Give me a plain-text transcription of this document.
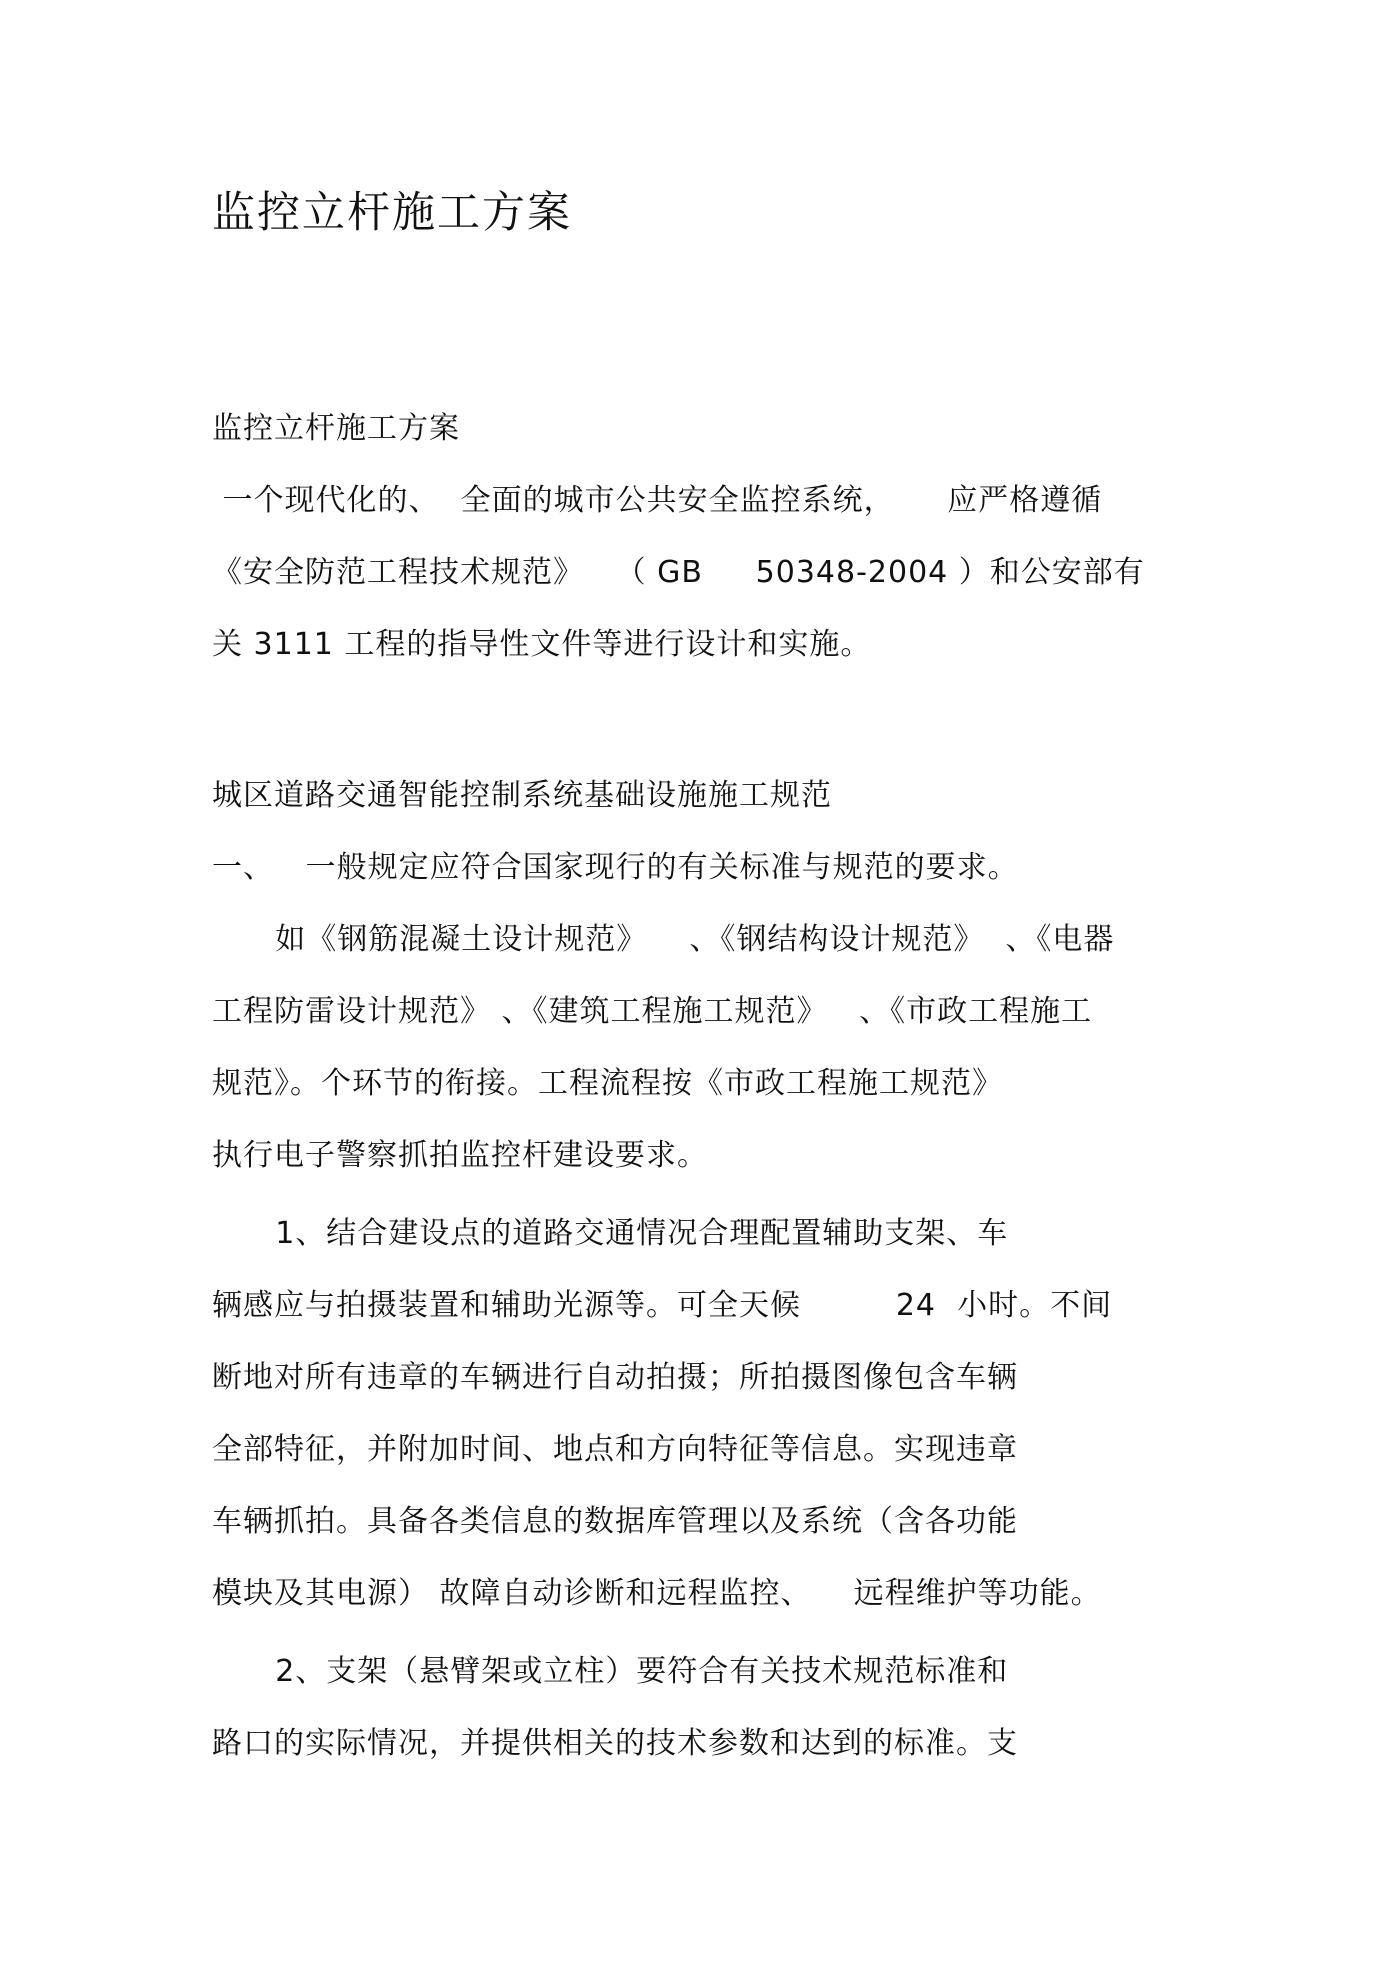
监控立杆施工方案
监控立杆施工方案
一个现代化的、  全面的城市公共安全监控系统，     应严格遵循
《安全防范工程技术规范》   （ GB     50348-2004 ）和公安部有
关 3111 工程的指导性文件等进行设计和实施。
城区道路交通智能控制系统基础设施施工规范
一、   一般规定应符合国家现行的有关标准与规范的要求。
如《钢筋混凝土设计规范》    、《钢结构设计规范》  、《电器
工程防雷设计规范》 、《建筑工程施工规范》   、《市政工程施工
规范》。个环节的衔接。工程流程按《市政工程施工规范》
执行电子警察抓拍监控杆建设要求。
1、结合建设点的道路交通情况合理配置辅助支架、车
辆感应与拍摄装置和辅助光源等。可全天候         24  小时。不间
断地对所有违章的车辆进行自动拍摄；所拍摄图像包含车辆
全部特征，并附加时间、地点和方向特征等信息。实现违章
车辆抓拍。具备各类信息的数据库管理以及系统（含各功能
模块及其电源） 故障自动诊断和远程监控、    远程维护等功能。
2、支架（悬臂架或立柱）要符合有关技术规范标准和
路口的实际情况，并提供相关的技术参数和达到的标准。支
